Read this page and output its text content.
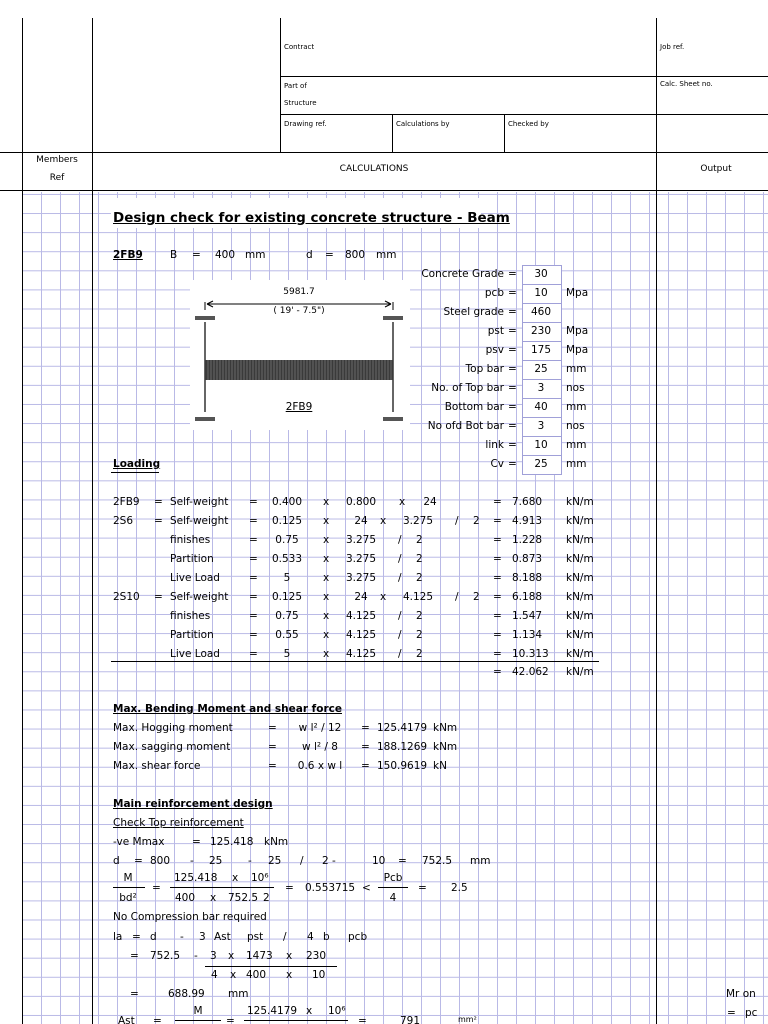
Contract	Job ref.
Part of
Structure
Calc. Sheet no.
Drawing ref.	Calculations by	Checked by
Members
Ref
CALCULATIONS	Output
Design check for existing concrete structure - Beam
2FB9	B = 400 mm	d = 800 mm
5981.7
( 19' - 7.5")
2FB9
Concrete Grade = 30
pcb = 10 Mpa
Steel grade = 460
pst = 230 Mpa
psv = 175 Mpa
Top bar = 25 mm
No. of Top bar = 3 nos
Bottom bar = 40 mm
No ofd Bot bar = 3 nos
link = 10 mm
Cv = 25 mm
Loading
2FB9 = Self-weight = 0.400 x 0.800 x 24	= 7.680 kN/m
2S6 = Self-weight = 0.125 x 24 x 3.275 / 2 = 4.913 kN/m
finishes	= 0.75 x 3.275 / 2	= 1.228 kN/m
Partition	= 0.533 x 3.275 / 2	= 0.873 kN/m
Live Load	= 5	x 3.275 / 2	= 8.188 kN/m
2S10 = Self-weight = 0.125 x 24 x 4.125 / 2 = 6.188 kN/m
finishes	= 0.75 x 4.125 / 2	= 1.547 kN/m
Partition	= 0.55 x 4.125 / 2	= 1.134 kN/m
Live Load	= 5	x 4.125 / 2	= 10.313 kN/m
= 42.062 kN/m
Max. Bending Moment and shear force
Max. Hogging moment	= w l² / 12 = 125.4179 kNm
Max. sagging moment	= w l² / 8 = 188.1269 kNm
Max. shear force	= 0.6 x w l = 150.9619 kN
Main reinforcement design
Check Top reinforcement
-ve Mmax	= 125.418 kNm
d = 800 - 25 - 25 / 2 -	10 = 752.5 mm
M
bd²
=
125.418 x 10⁶
400 x 752.5 2
= 0.553715 <
Pcb
4
= 2.5
No Compression bar required
la = d - 3 Ast pst / 4 b pcb
= 752.5 - 3 x 1473 x 230
4 x 400 x 10
=	688.99 mm
Ast =
M
=
125.4179 x 10⁶
=	791	mm²
Mr on
= pc
